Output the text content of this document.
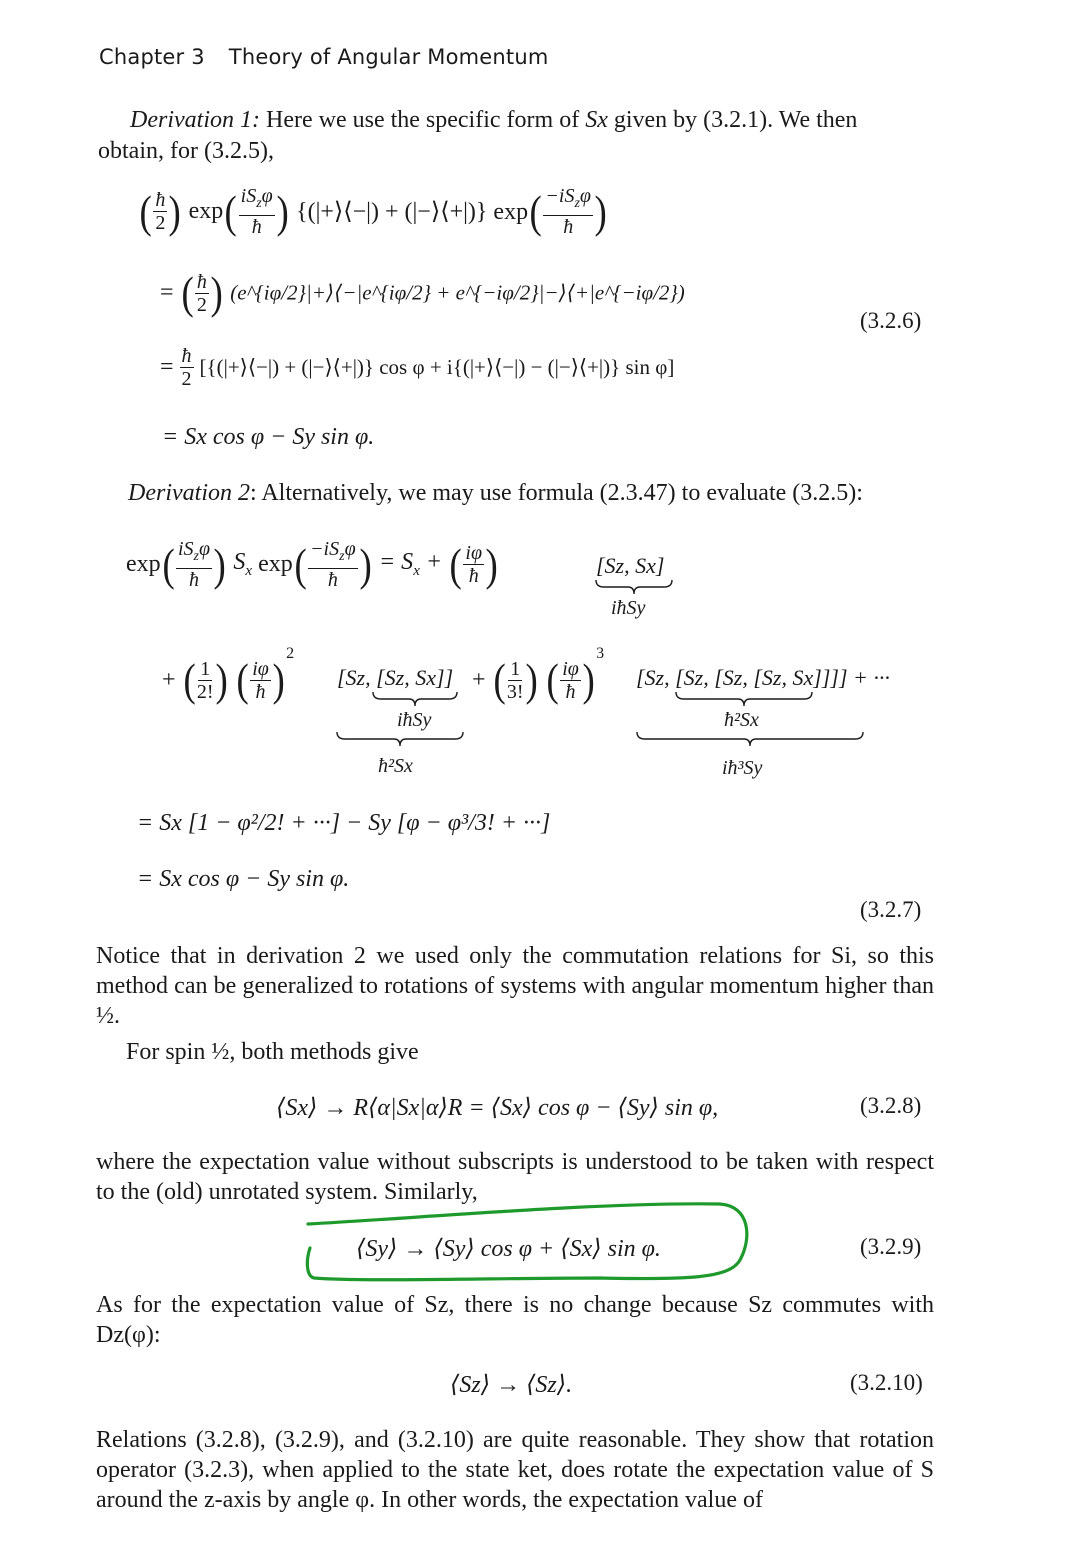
Chapter 3 Theory of Angular Momentum
Derivation 1: Here we use the specific form of Sx given by (3.2.1). We then
obtain, for (3.2.5),
( $\frac{ħ}{2}$ ) $\exp( \frac{iS_z\varphi}{ħ}$ ) {(|+⟩⟨−|) + (|−⟩⟨+|)} $\exp( \frac{-iS_z\varphi}{ħ}$ )
= ( $\frac{ħ}{2}$ ) (e^{iφ/2}|+⟩⟨−|e^{iφ/2} + e^{−iφ/2}|−⟩⟨+|e^{−iφ/2})
(3.2.6)
= $\frac{ħ}{2}$ [{(|+⟩⟨−|) + (|−⟩⟨+|)} cos φ + i{(|+⟩⟨−|) − (|−⟩⟨+|)} sin φ]
= Sx cos φ − Sy sin φ.
Derivation 2: Alternatively, we may use formula (2.3.47) to evaluate (3.2.5):
$\exp( \frac{iS_z\varphi}{ħ}$ ) $S_x$ $\exp( \frac{-iS_z\varphi}{ħ}$ ) = $S_x$ + ( $\frac{i\varphi}{ħ}$ )	[Sz, Sx]
iħSy
+ ( $\frac{1}{2!}$ ) ( $\frac{i\varphi}{ħ} )^2$
[Sz, [Sz, Sx]] + ( $\frac{1}{3!}$ ) ( $\frac{i\varphi}{ħ} )^3$
[Sz, [Sz, [Sz, [Sz, Sx]]]] + ···
iħSy
ħ²Sx
ħ²Sx
iħ³Sy
= Sx [1 − φ²/2! + ···] − Sy [φ − φ³/3! + ···]
= Sx cos φ − Sy sin φ.
(3.2.7)
Notice that in derivation 2 we used only the commutation relations for Si, so this method can be generalized to rotations of systems with angular momentum higher than ½.
For spin ½, both methods give
⟨Sx⟩ → R⟨α|Sx|α⟩R = ⟨Sx⟩ cos φ − ⟨Sy⟩ sin φ,	(3.2.8)
where the expectation value without subscripts is understood to be taken with respect to the (old) unrotated system. Similarly,
⟨Sy⟩ → ⟨Sy⟩ cos φ + ⟨Sx⟩ sin φ.	(3.2.9)
As for the expectation value of Sz, there is no change because Sz commutes with Dz(φ):
⟨Sz⟩ → ⟨Sz⟩.	(3.2.10)
Relations (3.2.8), (3.2.9), and (3.2.10) are quite reasonable. They show that rotation operator (3.2.3), when applied to the state ket, does rotate the expectation value of S around the z-axis by angle φ. In other words, the expectation value of
